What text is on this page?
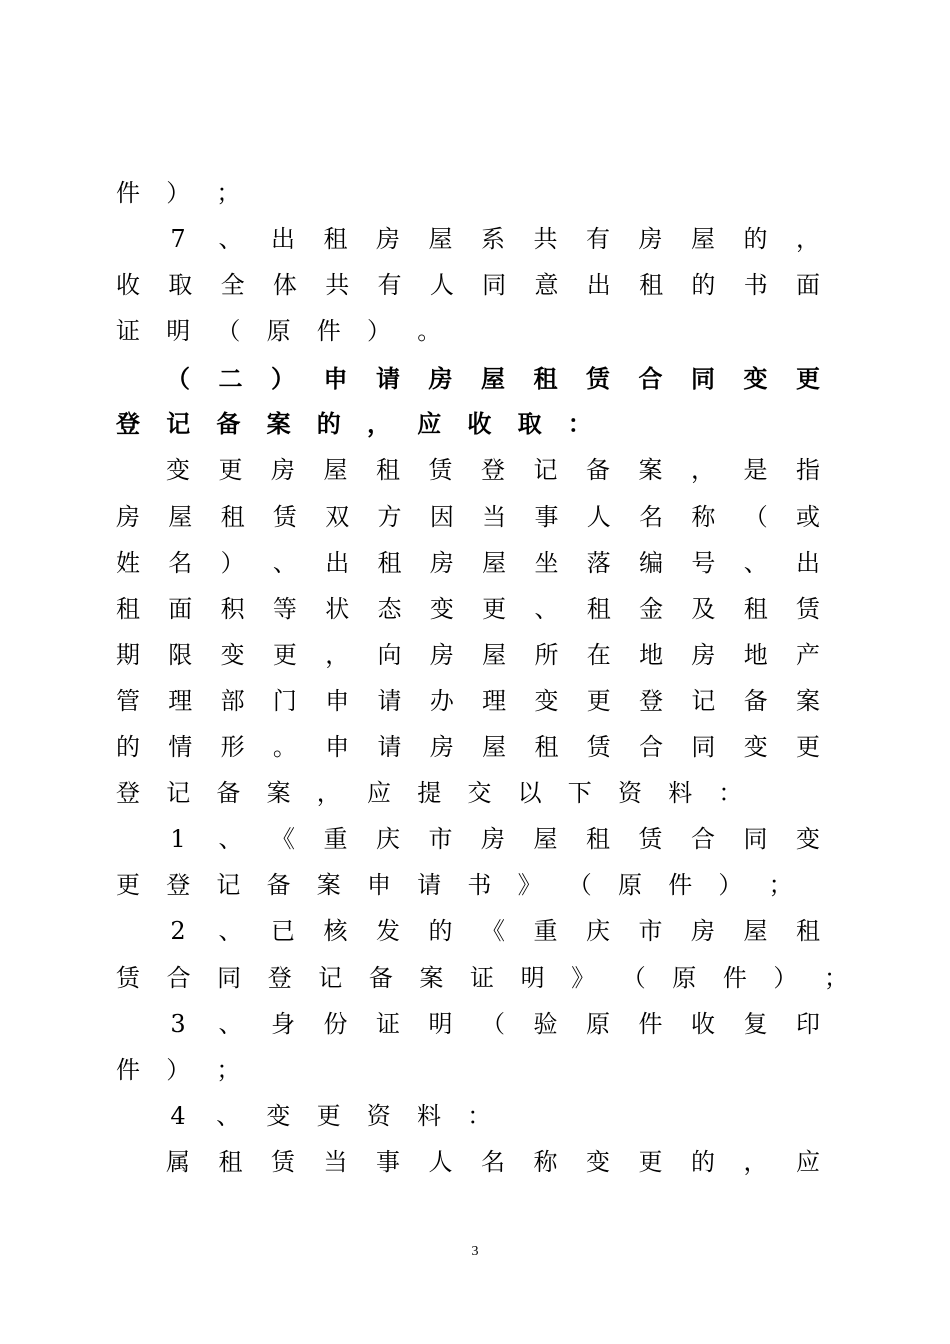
件 ） ；
7	、 出 租 房 屋 系 共 有 房 屋 的 ，
收 取 全 体 共 有 人 同 意 出 租 的 书 面
证 明 （ 原 件 ） 。
（ 二 ） 申 请 房 屋 租 赁 合 同 变 更
登 记 备 案 的 ， 应 收 取 ：
变 更 房 屋 租 赁 登 记 备 案 ， 是 指
房 屋 租 赁 双 方 因 当 事 人 名 称 （ 或
姓 名 ） 、 出 租 房 屋 坐 落 编 号 、 出
租 面 积 等 状 态 变 更 、 租 金 及 租 赁
期 限 变 更 ， 向 房 屋 所 在 地 房 地 产
管 理 部 门 申 请 办 理 变 更 登 记 备 案
的 情 形 。 申 请 房 屋 租 赁 合 同 变 更
登 记 备 案 ， 应 提 交 以 下 资 料 ：
1	、 《 重 庆 市 房 屋 租 赁 合 同 变
更 登 记 备 案 申 请 书 》 （ 原 件 ） ；
2	、 已 核 发 的 《 重 庆 市 房 屋 租
赁 合 同 登 记 备 案 证 明 》 （ 原 件 ） ；
3	、 身 份 证 明 （ 验 原 件 收 复 印
件 ） ；
4	、 变 更 资 料 ：
属 租 赁 当 事 人 名 称 变 更 的 ， 应
3
